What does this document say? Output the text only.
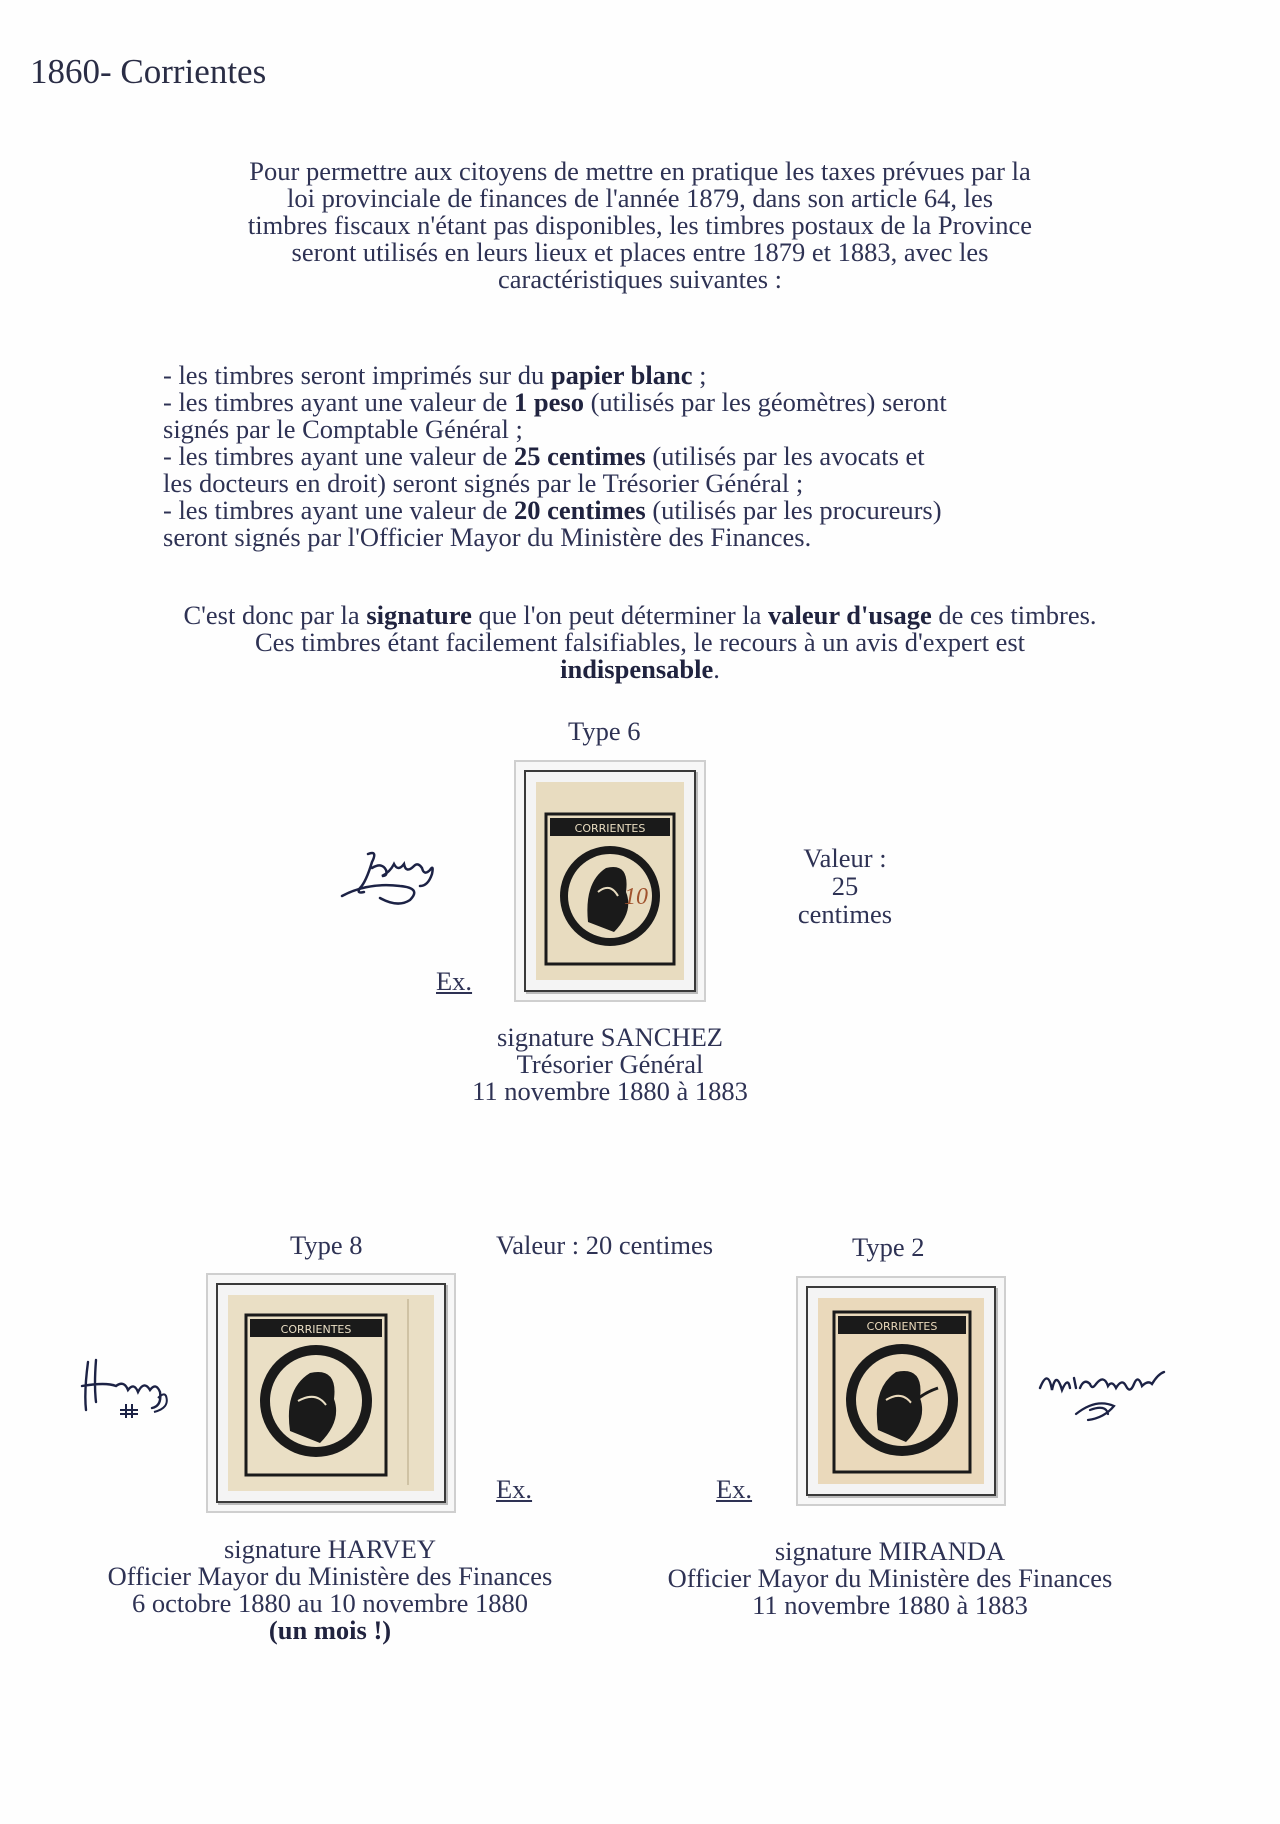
1860- Corrientes
Pour permettre aux citoyens de mettre en pratique les taxes prévues par la
loi provinciale de finances de l'année 1879, dans son article 64, les
timbres fiscaux n'étant pas disponibles, les timbres postaux de la Province
seront utilisés en leurs lieux et places entre 1879 et 1883, avec les
caractéristiques suivantes :
- les timbres seront imprimés sur du papier blanc ;
- les timbres ayant une valeur de 1 peso (utilisés par les géomètres) seront
signés par le Comptable Général ;
- les timbres ayant une valeur de 25 centimes (utilisés par les avocats et
les docteurs en droit) seront signés par le Trésorier Général ;
- les timbres ayant une valeur de 20 centimes (utilisés par les procureurs)
seront signés par l'Officier Mayor du Ministère des Finances.
C'est donc par la signature que l'on peut déterminer la valeur d'usage de ces timbres.
Ces timbres étant facilement falsifiables, le recours à un avis d'expert est
indispensable.
Type 6
CORRIENTES
10
Valeur :
25
centimes
Ex.
signature SANCHEZ
Trésorier Général
11 novembre 1880 à 1883
Type 8	Valeur : 20 centimes	Type 2
CORRIENTES
Ex.
CORRIENTES
Ex.
signature HARVEY
Officier Mayor du Ministère des Finances
6 octobre 1880 au 10 novembre 1880
(un mois !)
signature MIRANDA
Officier Mayor du Ministère des Finances
11 novembre 1880 à 1883
